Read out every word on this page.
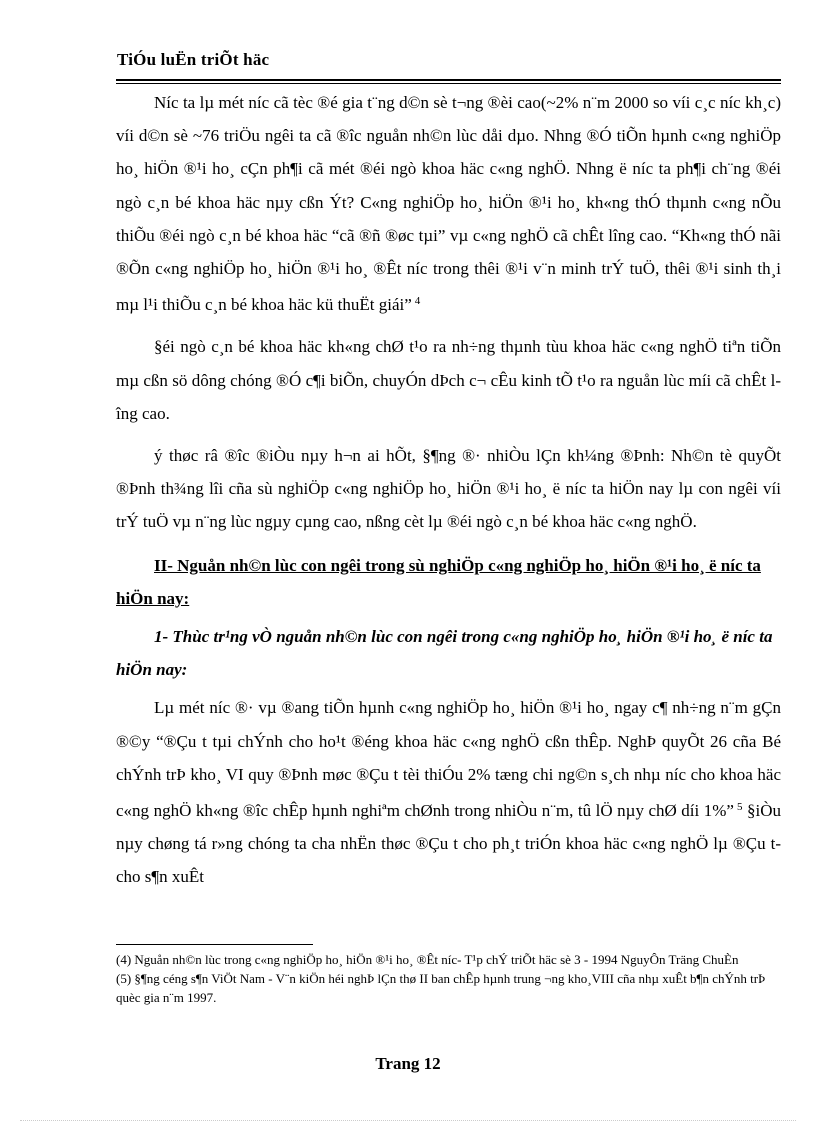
TiÓu luËn triÕt häc

Níc ta lµ mét níc cã tèc ®é gia t¨ng d©n sè t¬ng ®èi cao(~2% n¨m 2000 so víi c¸c níc kh¸c) víi d©n sè ~76 triÖu ngêi ta cã ®îc nguån nh©n lùc dåi dµo. Nhng ®Ó tiÕn hµnh c«ng nghiÖp ho¸ hiÖn ®¹i ho¸ cÇn ph¶i cã mét ®éi ngò khoa häc c«ng nghÖ. Nhng ë níc ta ph¶i ch¨ng ®éi ngò c¸n bé khoa häc nµy cßn Ýt? C«ng nghiÖp ho¸ hiÖn ®¹i ho¸ kh«ng thÓ thµnh c«ng nÕu thiÕu ®éi ngò c¸n bé khoa häc “cã ®ñ ®øc tµi” vµ c«ng nghÖ cã chÊt lîng cao. “Kh«ng thÓ nãi ®Õn c«ng nghiÖp ho¸ hiÖn ®¹i ho¸ ®Êt níc trong thêi ®¹i v¨n minh trÝ tuÖ, thêi ®¹i sinh th¸i mµ l¹i thiÕu c¸n bé khoa häc kü thuËt giái” $^4$

§éi ngò c¸n bé khoa häc kh«ng chØ t¹o ra nh÷ng thµnh tùu khoa häc c«ng nghÖ tiªn tiÕn mµ cßn sö dông chóng ®Ó c¶i biÕn, chuyÓn dÞch c¬ cÊu kinh tÕ t¹o ra nguån lùc míi cã chÊt lîng cao.

ý thøc râ ®îc ®iÒu nµy h¬n ai hÕt, §¶ng ®· nhiÒu lÇn kh¼ng ®Þnh: Nh©n tè quyÕt ®Þnh th¾ng lîi cña sù nghiÖp c«ng nghiÖp ho¸ hiÖn ®¹i ho¸ ë níc ta hiÖn nay lµ con ngêi víi trÝ tuÖ vµ n¨ng lùc ngµy cµng cao, nßng cèt lµ ®éi ngò c¸n bé khoa häc c«ng nghÖ.

II- Nguån nh©n lùc con ngêi trong sù nghiÖp c«ng nghiÖp ho¸ hiÖn ®¹i ho¸ ë níc ta hiÖn nay:

1- Thùc tr¹ng vÒ nguån nh©n lùc con ngêi trong c«ng nghiÖp ho¸ hiÖn ®¹i ho¸ ë níc ta hiÖn nay:

Lµ mét níc ®· vµ ®ang tiÕn hµnh c«ng nghiÖp ho¸ hiÖn ®¹i ho¸ ngay c¶ nh÷ng n¨m gÇn ®©y “®Çu t tµi chÝnh cho ho¹t ®éng khoa häc c«ng nghÖ cßn thÊp. NghÞ quyÕt 26 cña Bé chÝnh trÞ kho¸ VI quy ®Þnh møc ®Çu t tèi thiÓu 2% tæng chi ng©n s¸ch nhµ níc cho khoa häc c«ng nghÖ kh«ng ®îc chÊp hµnh nghiªm chØnh trong nhiÒu n¨m, tû lÖ nµy chØ díi 1%” $^5$ §iÒu nµy chøng tá r»ng chóng ta cha nhËn thøc ®Çu t cho ph¸t triÓn khoa häc c«ng nghÖ lµ ®Çu t cho s¶n xuÊt

(4) Nguån nh©n lùc trong c«ng nghiÖp ho¸ hiÖn ®¹i ho¸ ®Êt níc- T¹p chÝ triÕt häc sè 3 - 1994 NguyÔn Träng ChuÈn

(5) §¶ng céng s¶n ViÖt Nam - V¨n kiÖn héi nghÞ lÇn thø II ban chÊp hµnh trung ¬ng kho¸VIII cña nhµ xuÊt b¶n chÝnh trÞ quèc gia n¨m 1997.

Trang 12
